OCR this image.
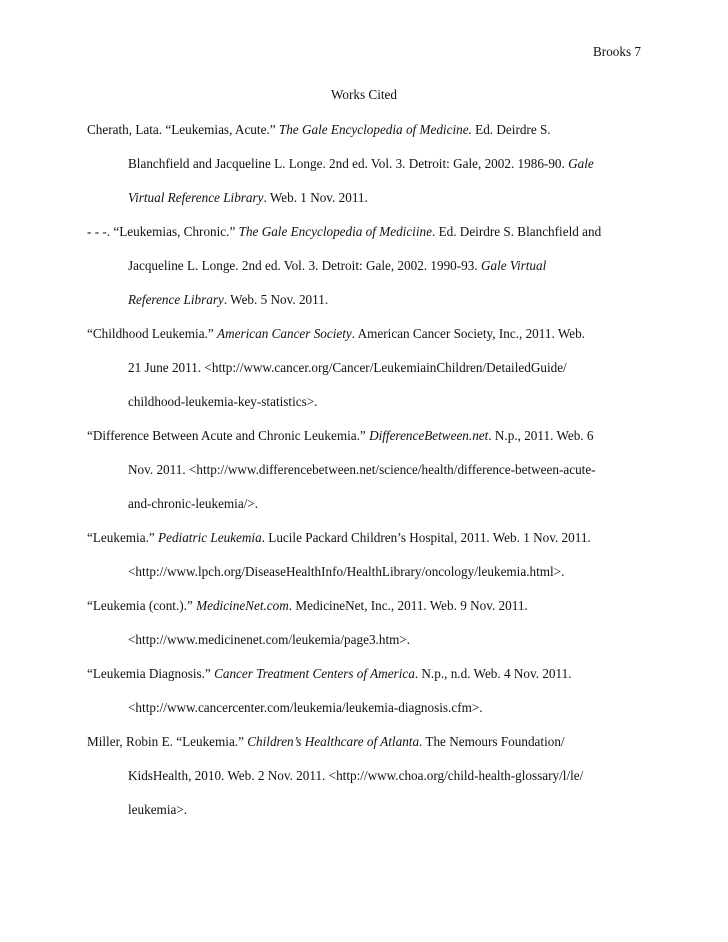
Brooks 7
Works Cited
Cherath, Lata. “Leukemias, Acute.” The Gale Encyclopedia of Medicine. Ed. Deirdre S.
Blanchfield and Jacqueline L. Longe. 2nd ed. Vol. 3. Detroit: Gale, 2002. 1986-90. Gale
Virtual Reference Library. Web. 1 Nov. 2011.
- - -. “Leukemias, Chronic.” The Gale Encyclopedia of Mediciine. Ed. Deirdre S. Blanchfield and
Jacqueline L. Longe. 2nd ed. Vol. 3. Detroit: Gale, 2002. 1990-93. Gale Virtual
Reference Library. Web. 5 Nov. 2011.
“Childhood Leukemia.” American Cancer Society. American Cancer Society, Inc., 2011. Web.
21 June 2011. <http://www.cancer.org/Cancer/LeukemiainChildren/DetailedGuide/
childhood-leukemia-key-statistics>.
“Difference Between Acute and Chronic Leukemia.” DifferenceBetween.net. N.p., 2011. Web. 6
Nov. 2011. <http://www.differencebetween.net/science/health/difference-between-acute-
and-chronic-leukemia/>.
“Leukemia.” Pediatric Leukemia. Lucile Packard Children’s Hospital, 2011. Web. 1 Nov. 2011.
<http://www.lpch.org/DiseaseHealthInfo/HealthLibrary/oncology/leukemia.html>.
“Leukemia (cont.).” MedicineNet.com. MedicineNet, Inc., 2011. Web. 9 Nov. 2011.
<http://www.medicinenet.com/leukemia/page3.htm>.
“Leukemia Diagnosis.” Cancer Treatment Centers of America. N.p., n.d. Web. 4 Nov. 2011.
<http://www.cancercenter.com/leukemia/leukemia-diagnosis.cfm>.
Miller, Robin E. “Leukemia.” Children’s Healthcare of Atlanta. The Nemours Foundation/
KidsHealth, 2010. Web. 2 Nov. 2011. <http://www.choa.org/child-health-glossary/l/le/
leukemia>.
